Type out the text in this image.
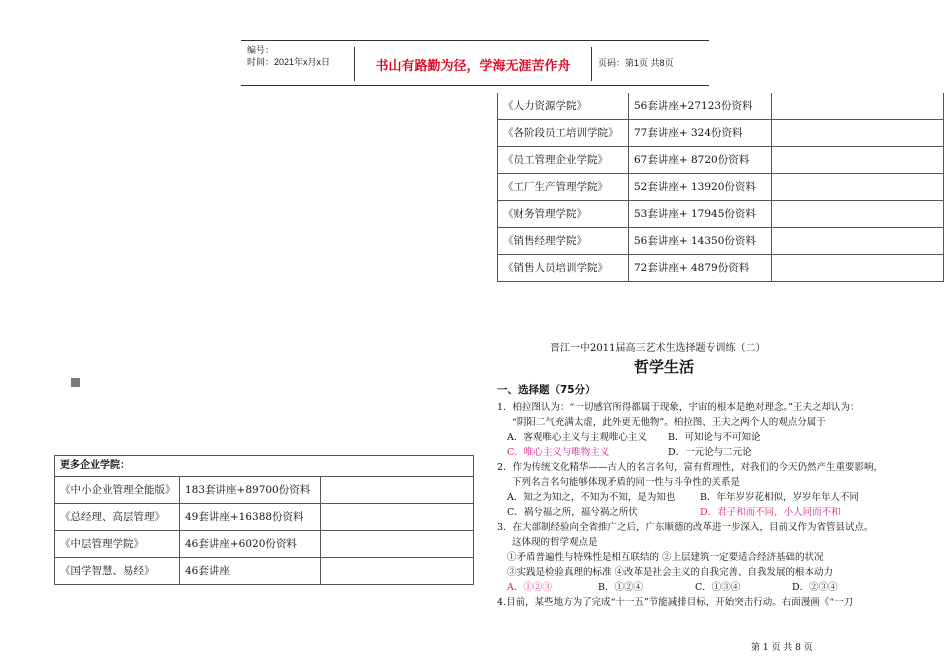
编号：
时间：2021年x月x日	书山有路勤为径，学海无涯苦作舟	页码：第1页 共8页
《人力资源学院》	56套讲座+27123份资料	
《各阶段员工培训学院》	77套讲座+ 324份资料	
《员工管理企业学院》	67套讲座+ 8720份资料	
《工厂生产管理学院》	52套讲座+ 13920份资料	
《财务管理学院》	53套讲座+ 17945份资料	
《销售经理学院》	56套讲座+ 14350份资料	
《销售人员培训学院》	72套讲座+ 4879份资料	
更多企业学院：		
《中小企业管理全能版》	183套讲座+89700份资料	
《总经理、高层管理》	49套讲座+16388份资料	
《中层管理学院》	46套讲座+6020份资料	
《国学智慧、易经》	46套讲座	
晋江一中2011届高三艺术生选择题专训练（二）
哲学生活
一、选择题（75分）
1．柏拉图认为：“一切感官所得都属于现象，宇宙的根本是绝对理念。”王夫之却认为：
“阴阳二气充满太虚，此外更无他物”。柏拉图、王夫之两个人的观点分属于
A．客观唯心主义与主观唯心主义 B．可知论与不可知论
C．唯心主义与唯物主义	D．一元论与二元论
2．作为传统文化精华——古人的名言名句，富有哲理性，对我们的今天仍然产生重要影响，
下列名言名句能够体现矛盾的同一性与斗争性的关系是
A．知之为知之，不知为不知，是为知也	B．年年岁岁花相似，岁岁年年人不同
C．祸兮福之所，福兮祸之所伏	D．君子和而不同，小人同而不和
3．在大部制经验向全省推广之后，广东顺德的改革进一步深入，目前又作为省管县试点。
这体现的哲学观点是
①矛盾普遍性与特殊性是相互联结的 ②上层建筑一定要适合经济基础的状况
③实践是检验真理的标准 ④改革是社会主义的自我完善、自我发展的根本动力
A．①②③	B．①②④	C．①③④	D．②③④
4.目前，某些地方为了完成“十一五”节能减排目标，开始突击行动。右面漫画《“一刀
第 1 页 共 8 页
